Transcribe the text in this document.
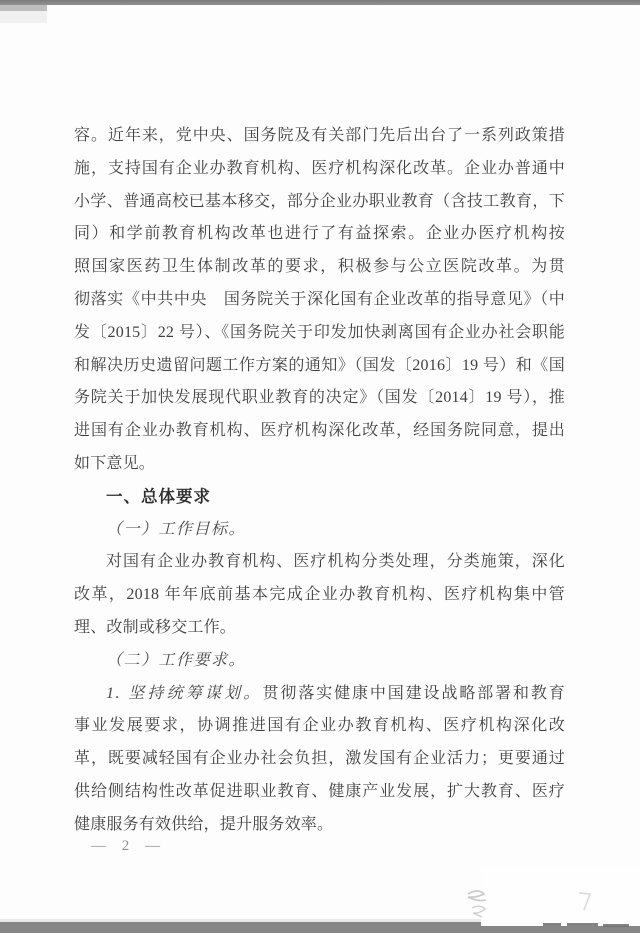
容。近年来，党中央、国务院及有关部门先后出台了一系列政策措
施，支持国有企业办教育机构、医疗机构深化改革。企业办普通中
小学、普通高校已基本移交，部分企业办职业教育（含技工教育，下
同）和学前教育机构改革也进行了有益探索。企业办医疗机构按
照国家医药卫生体制改革的要求，积极参与公立医院改革。为贯
彻落实《中共中央　国务院关于深化国有企业改革的指导意见》（中
发〔2015〕22 号）、《国务院关于印发加快剥离国有企业办社会职能
和解决历史遗留问题工作方案的通知》（国发〔2016〕19 号）和《国
务院关于加快发展现代职业教育的决定》（国发〔2014〕19 号），推
进国有企业办教育机构、医疗机构深化改革，经国务院同意，提出
如下意见。
一、总体要求
（一）工作目标。
对国有企业办教育机构、医疗机构分类处理，分类施策，深化
改革，2018 年年底前基本完成企业办教育机构、医疗机构集中管
理、改制或移交工作。
（二）工作要求。
1. 坚持统筹谋划。贯彻落实健康中国建设战略部署和教育
事业发展要求，协调推进国有企业办教育机构、医疗机构深化改
革，既要减轻国有企业办社会负担，激发国有企业活力；更要通过
供给侧结构性改革促进职业教育、健康产业发展，扩大教育、医疗
健康服务有效供给，提升服务效率。
— 2 —
